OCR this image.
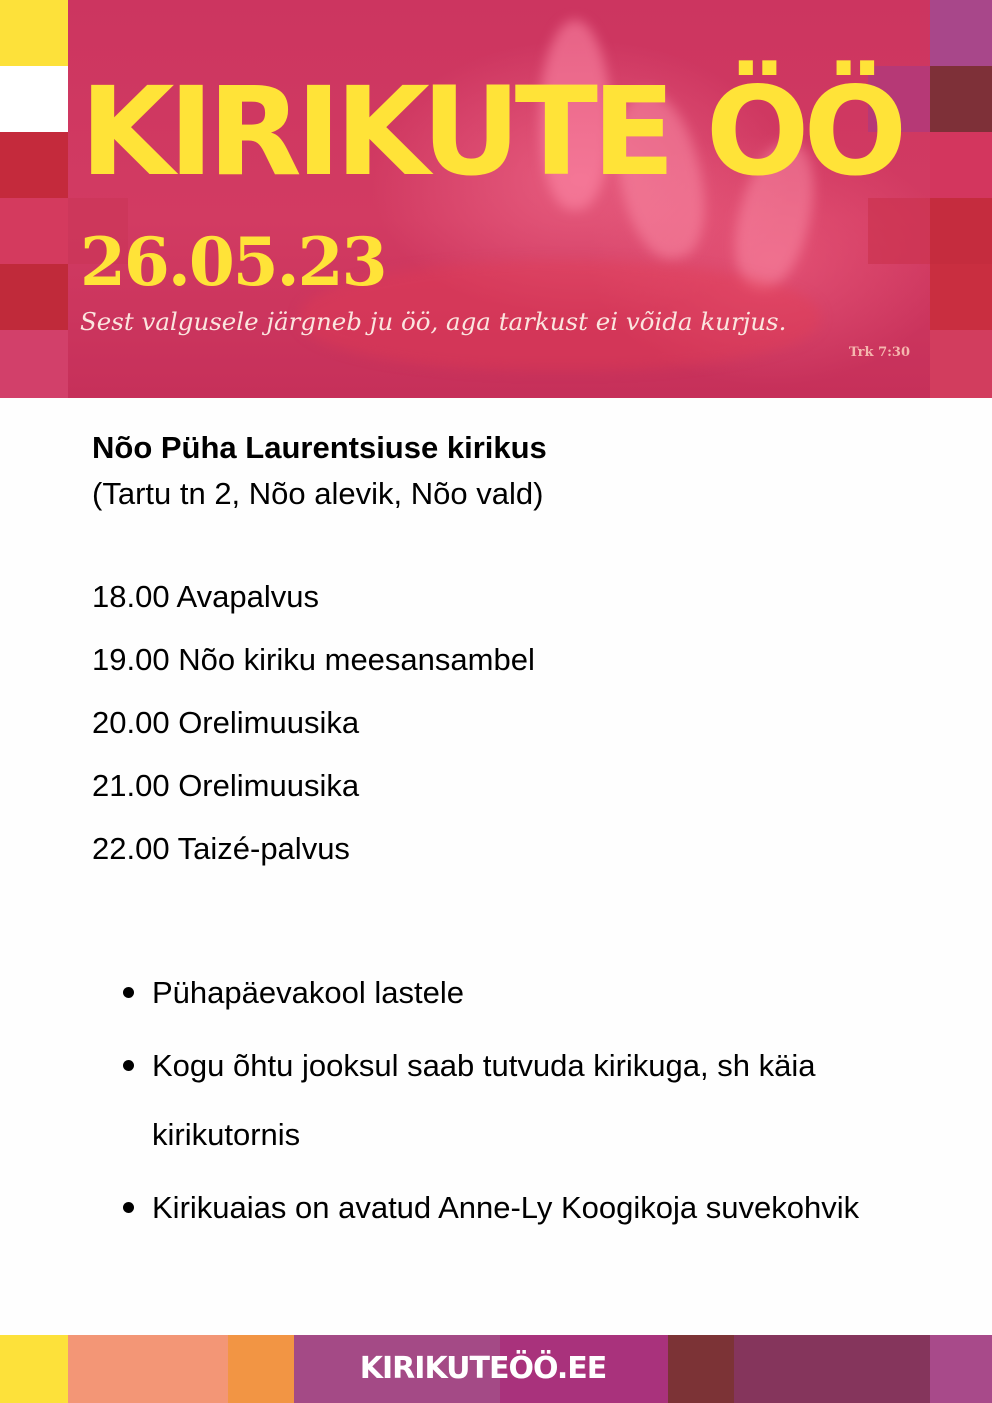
KIRIKUTE ÖÖ
26.05.23
Sest valgusele järgneb ju öö, aga tarkust ei võida kurjus.
Trk 7:30
Nõo Püha Laurentsiuse kirikus
(Tartu tn 2, Nõo alevik, Nõo vald)
18.00 Avapalvus
19.00 Nõo kiriku meesansambel
20.00 Orelimuusika
21.00 Orelimuusika
22.00 Taizé-palvus
Pühapäevakool lastele
Kogu õhtu jooksul saab tutvuda kirikuga, sh käia kirikutornis
Kirikuaias on avatud Anne-Ly Koogikoja suvekohvik
KIRIKUTEÖÖ.EE
